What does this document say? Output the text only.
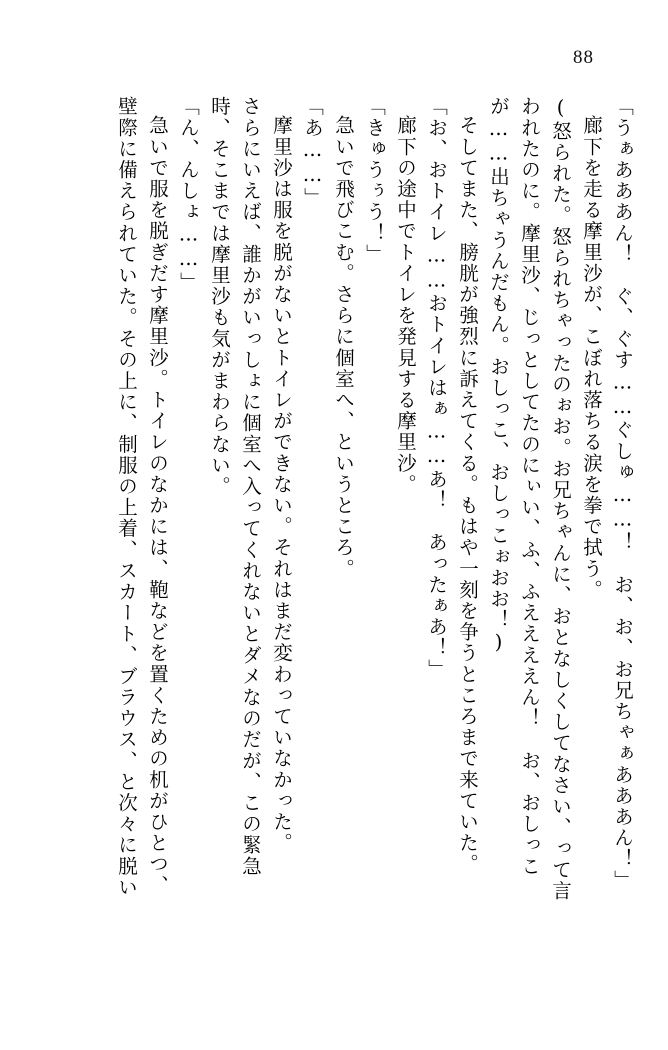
88
「うぁあああん！　ぐ、ぐす……ぐしゅ……！　お、お、お兄ちゃぁあああん！」
廊下を走る摩里沙が、こぼれ落ちる涙を拳で拭う。
(怒られた。怒られちゃったのぉお。お兄ちゃんに、おとなしくしてなさい、って言
われたのに。摩里沙、じっとしてたのにぃい、ふ、ふええええん！　お、おしっこ
が……出ちゃうんだもん。おしっこ、おしっこぉおお！)
そしてまた、膀胱が強烈に訴えてくる。もはや一刻を争うところまで来ていた。
「お、おトイレ……おトイレはぁ……あ！　あったぁあ！」
廊下の途中でトイレを発見する摩里沙。
「きゅうぅう！」
急いで飛びこむ。さらに個室へ、というところ。
「あ……」
摩里沙は服を脱がないとトイレができない。それはまだ変わっていなかった。
さらにいえば、誰かがいっしょに個室へ入ってくれないとダメなのだが、この緊急
時、そこまでは摩里沙も気がまわらない。
「ん、んしょ……」
急いで服を脱ぎだす摩里沙。トイレのなかには、鞄などを置くための机がひとつ、
壁際に備えられていた。その上に、制服の上着、スカート、ブラウス、と次々に脱い
